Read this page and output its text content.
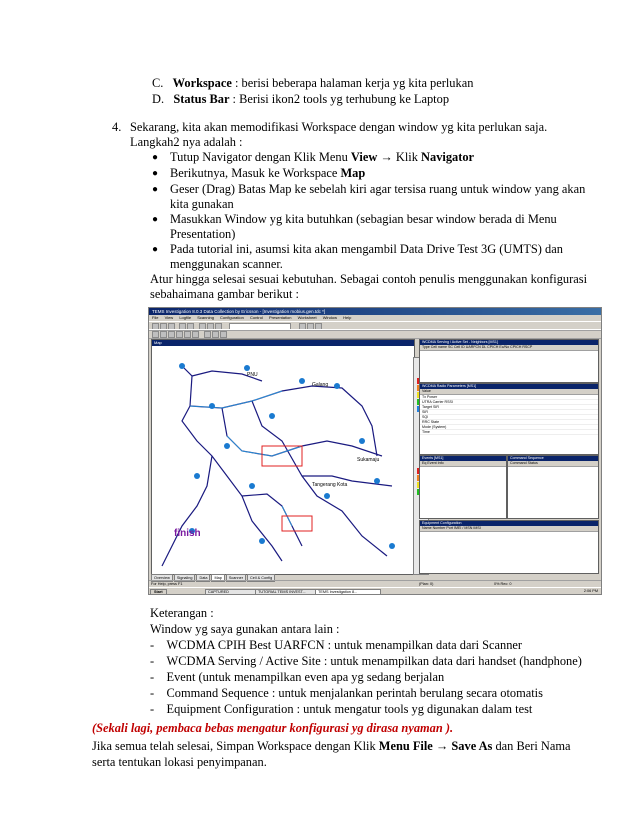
C. Workspace : berisi beberapa halaman kerja yg kita perlukan
D. Status Bar : Berisi ikon2 tools yg terhubung ke Laptop
4. Sekarang, kita akan memodifikasi Workspace dengan window yg kita perlukan saja.
Langkah2 nya adalah :
● Tutup Navigator dengan Klik Menu View → Klik Navigator
● Berikutnya, Masuk ke Workspace Map
● Geser (Drag) Batas Map ke sebelah kiri agar tersisa ruang untuk window yang akan
kita gunakan
● Masukkan Window yg kita butuhkan (sebagian besar window berada di Menu
Presentation)
● Pada tutorial ini, asumsi kita akan mengambil Data Drive Test 3G (UMTS) dan
menggunakan scanner.
Atur hingga selesai sesuai kebutuhan. Sebagai contoh penulis menggunakan konfigurasi
sebahaimana gambar berikut :
TEMS Investigation 8.0.3 Data Collection by Ericsson - [Investigation mobius.gen.tdc *]
File View Logfile Scanning Configuration Control Presentation Worksheet Window Help
Map
PNU
Galang
Tangerang Kota
Sukamaju
finish
WCDMA Serving / Active Set - Neighbors [MS1]
Type Cell name SC Cell ID UARFCN DL CPICH Ec/No CPICH RSCP
WCDMA Radio Parameters [MS1]
Value
Tx Power
UTRA Carrier RSSI
Target SIR
SIR
SQI
RRC State
Mode (System)
Time
Events [MS1]
Eq Event Info
Command Sequence
Command Status
Equipment Configuration
Name Number Port IMEI / MSN IMSI
Overview Signaling Data Map Scanner Cell & Config
For Help, press F1	(Plan: 0)	0% Rec: 0
Start	CAPTURED	TUTORIAL TEMS INVEST...	TEMS Investigation 8...	2:06 PM
Keterangan :
Window yg saya gunakan antara lain :
-    WCDMA CPIH Best UARFCN : untuk menampilkan data dari Scanner
-    WCDMA Serving / Active Site : untuk menampilkan data dari handset (handphone)
-    Event (untuk menampilkan even apa yg sedang berjalan
-    Command Sequence : untuk menjalankan perintah berulang secara otomatis
-    Equipment Configuration : untuk mengatur tools yg digunakan dalam test
(Sekali lagi, pembaca bebas mengatur konfigurasi yg dirasa nyaman ).
Jika semua telah selesai, Simpan Workspace dengan Klik Menu File → Save As dan Beri Nama
serta tentukan lokasi penyimpanan.
